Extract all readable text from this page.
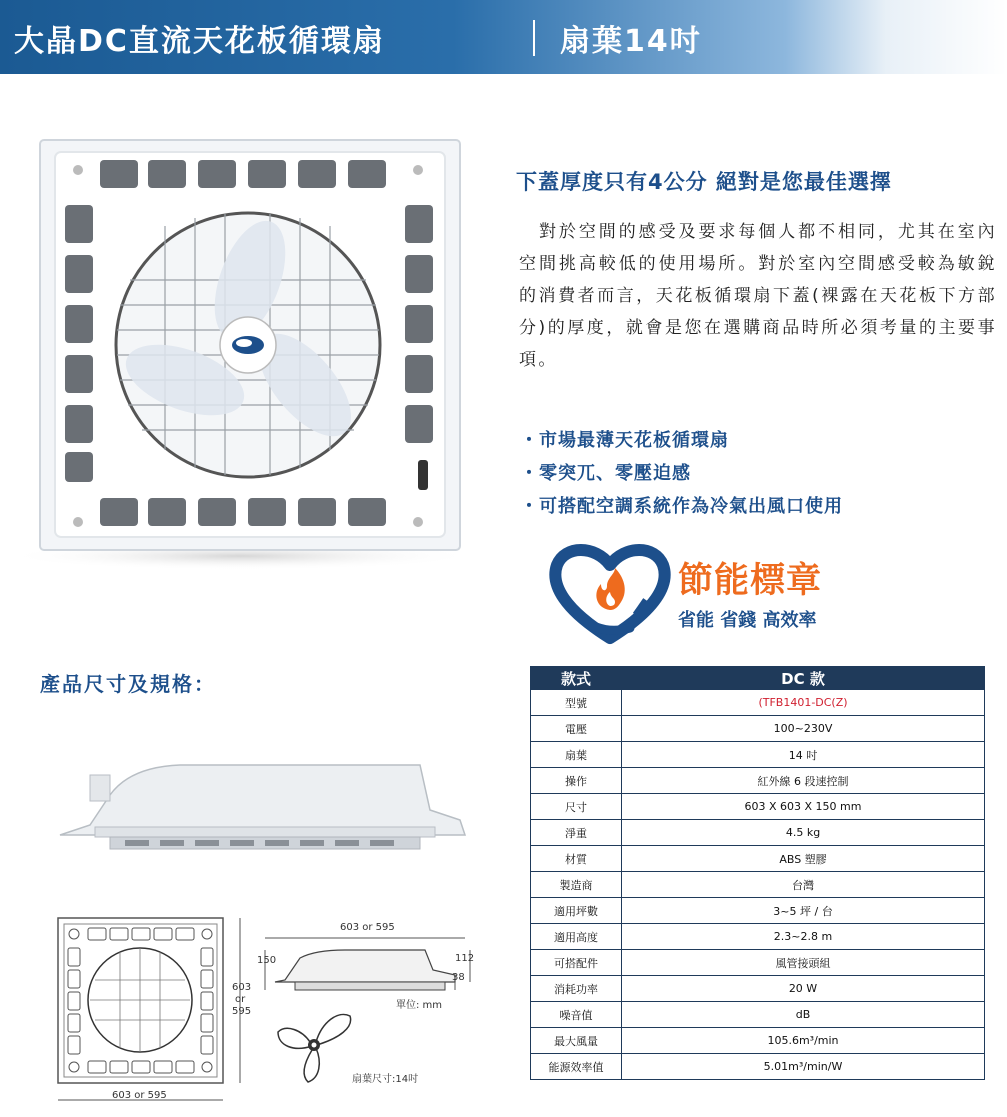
大晶DC直流天花板循環扇	扇葉14吋
下蓋厚度只有4公分 絕對是您最佳選擇
　對於空間的感受及要求每個人都不相同，尤其在室內空間挑高較低的使用場所。對於室內空間感受較為敏銳的消費者而言，天花板循環扇下蓋(裸露在天花板下方部分)的厚度，就會是您在選購商品時所必須考量的主要事項。
・ 市場最薄天花板循環扇
・ 零突兀、零壓迫感
・ 可搭配空調系統作為冷氣出風口使用
節能標章
省能 省錢 高效率
產品尺寸及規格：
603
or
595
603 or 595
603 or 595
150	112
38
單位: mm
扇葉尺寸:14吋
款式	DC 款
型號	(TFB1401-DC(Z)
電壓	100~230V
扇葉	14 吋
操作	紅外線 6 段速控制
尺寸	603 X 603 X 150 mm
淨重	4.5 kg
材質	ABS 塑膠
製造商	台灣
適用坪數	3~5 坪 / 台
適用高度	2.3~2.8 m
可搭配件	風管接頭組
消耗功率	20 W
噪音值	dB
最大風量	105.6m³/min
能源效率值	5.01m³/min/W
